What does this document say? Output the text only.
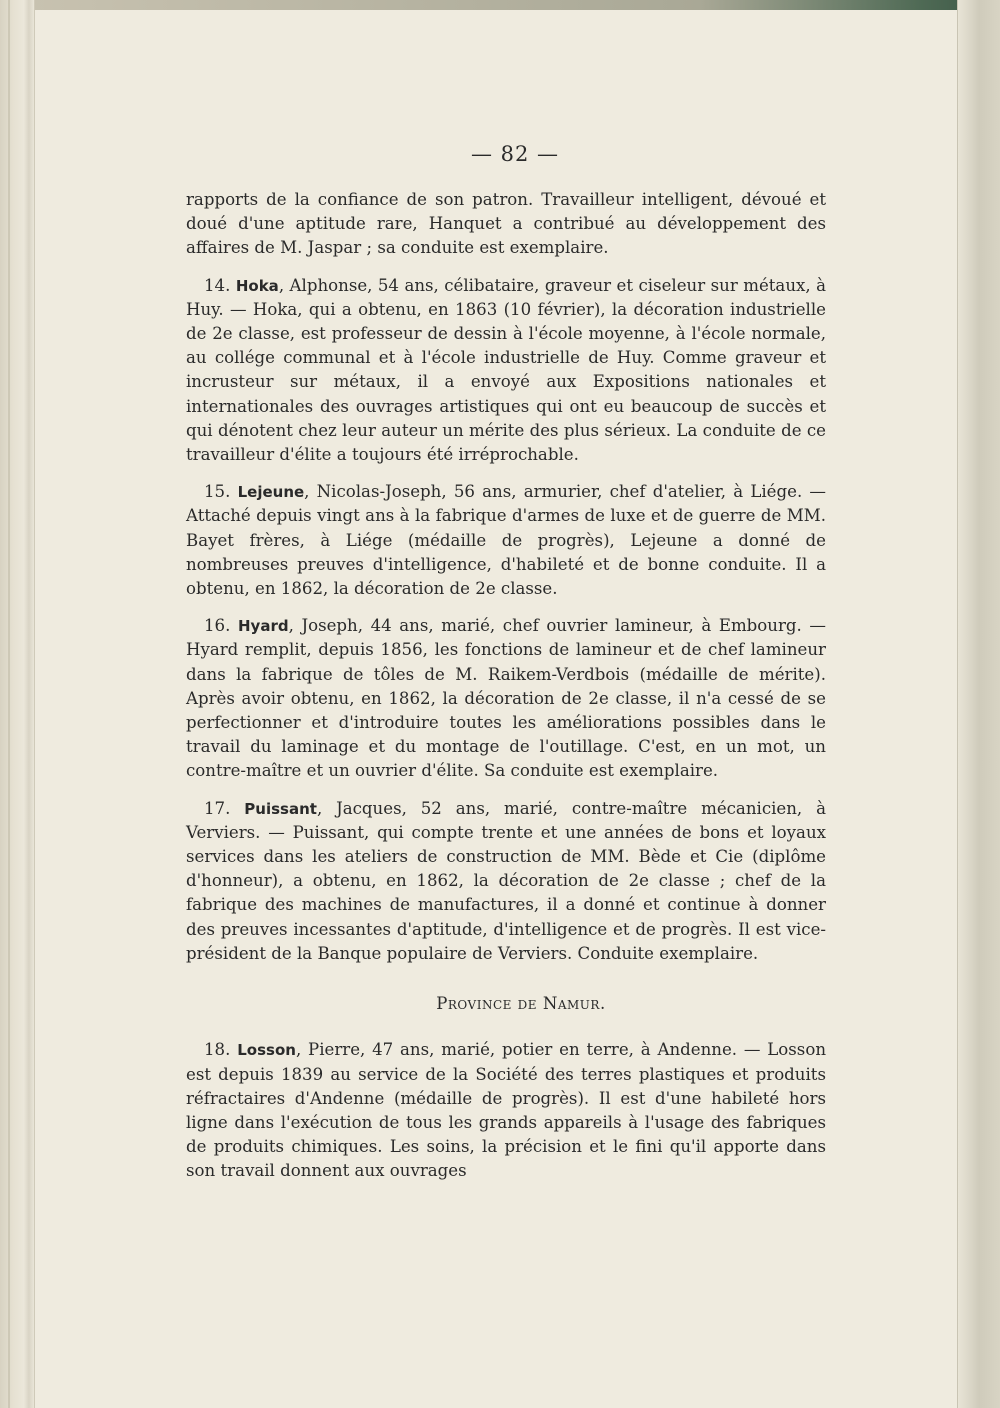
— 82 —

rapports de la confiance de son patron. Travailleur intelligent, dévoué et doué d'une aptitude rare, Hanquet a contribué au développement des affaires de M. Jaspar ; sa conduite est exemplaire.

14. Hoka, Alphonse, 54 ans, célibataire, graveur et ciseleur sur métaux, à Huy. — Hoka, qui a obtenu, en 1863 (10 février), la décoration industrielle de 2e classe, est professeur de dessin à l'école moyenne, à l'école normale, au collége communal et à l'école industrielle de Huy. Comme graveur et incrusteur sur métaux, il a envoyé aux Expositions nationales et internationales des ouvrages artistiques qui ont eu beaucoup de succès et qui dénotent chez leur auteur un mérite des plus sérieux. La conduite de ce travailleur d'élite a toujours été irréprochable.

15. Lejeune, Nicolas-Joseph, 56 ans, armurier, chef d'atelier, à Liége. — Attaché depuis vingt ans à la fabrique d'armes de luxe et de guerre de MM. Bayet frères, à Liége (médaille de progrès), Lejeune a donné de nombreuses preuves d'intelligence, d'habileté et de bonne conduite. Il a obtenu, en 1862, la décoration de 2e classe.

16. Hyard, Joseph, 44 ans, marié, chef ouvrier lamineur, à Embourg. — Hyard remplit, depuis 1856, les fonctions de lamineur et de chef lamineur dans la fabrique de tôles de M. Raikem-Verdbois (médaille de mérite). Après avoir obtenu, en 1862, la décoration de 2e classe, il n'a cessé de se perfectionner et d'introduire toutes les améliorations possibles dans le travail du laminage et du montage de l'outillage. C'est, en un mot, un contre-maître et un ouvrier d'élite. Sa conduite est exemplaire.

17. Puissant, Jacques, 52 ans, marié, contre-maître mécanicien, à Verviers. — Puissant, qui compte trente et une années de bons et loyaux services dans les ateliers de construction de MM. Bède et Cie (diplôme d'honneur), a obtenu, en 1862, la décoration de 2e classe ; chef de la fabrique des machines de manufactures, il a donné et continue à donner des preuves incessantes d'aptitude, d'intelligence et de progrès. Il est vice-président de la Banque populaire de Verviers. Conduite exemplaire.

Province de Namur.

18. Losson, Pierre, 47 ans, marié, potier en terre, à Andenne. — Losson est depuis 1839 au service de la Société des terres plastiques et produits réfractaires d'Andenne (médaille de progrès). Il est d'une habileté hors ligne dans l'exécution de tous les grands appareils à l'usage des fabriques de produits chimiques. Les soins, la précision et le fini qu'il apporte dans son travail donnent aux ouvrages
